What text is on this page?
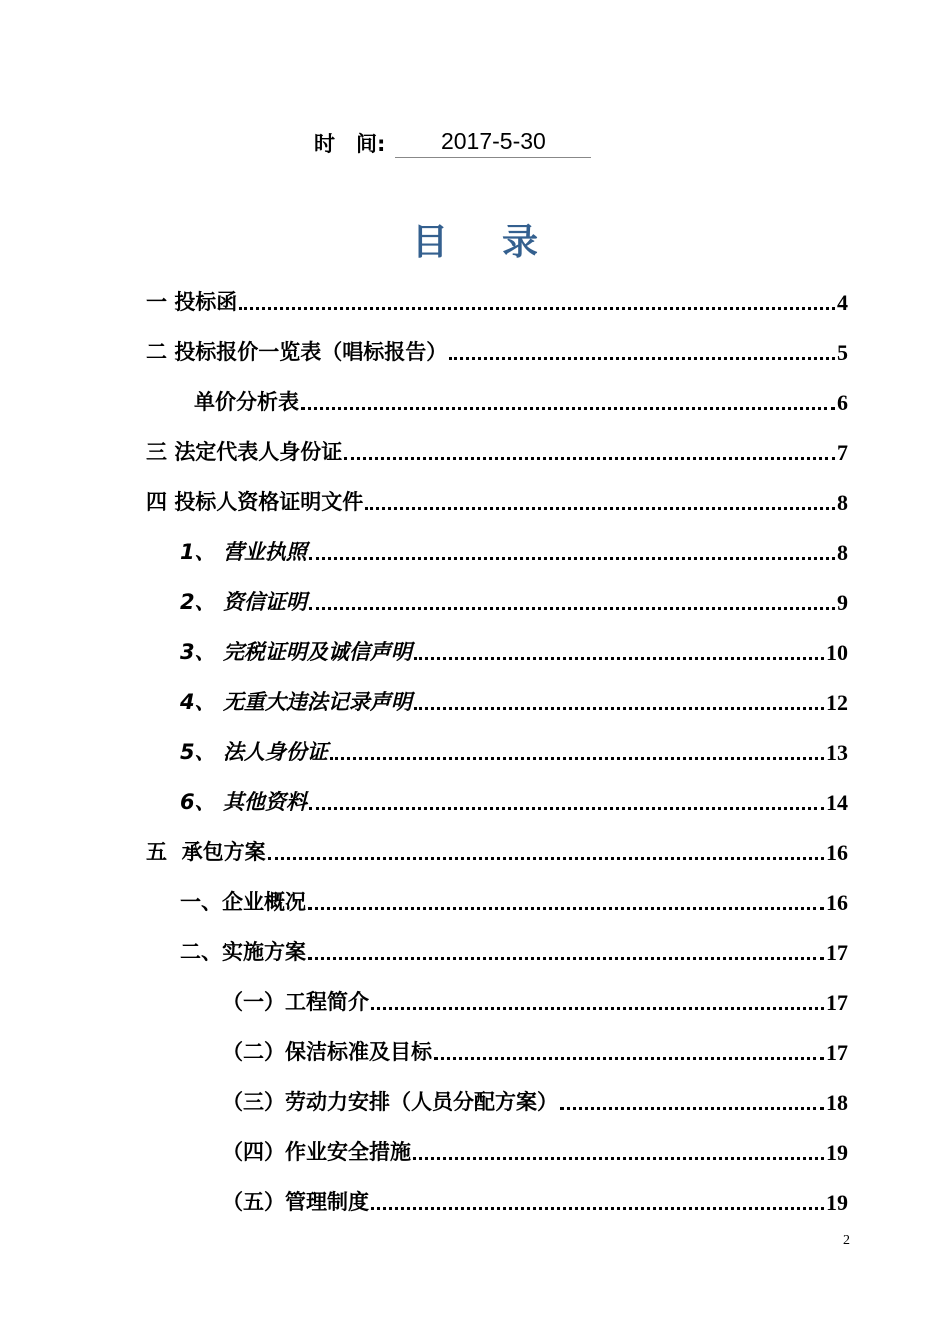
时　间:	2017-5-30
目录
一 投标函	4
二 投标报价一览表（唱标报告）	5
单价分析表	6
三 法定代表人身份证	7
四 投标人资格证明文件	8
1、 营业执照	8
2、 资信证明	9
3、 完税证明及诚信声明	10
4、 无重大违法记录声明	12
5、 法人身份证	13
6、 其他资料	14
五 承包方案	16
一、 企业概况	16
二、 实施方案	17
（一） 工程简介	17
（二） 保洁标准及目标	17
（三） 劳动力安排（人员分配方案）	18
（四） 作业安全措施	19
（五） 管理制度	19
2
